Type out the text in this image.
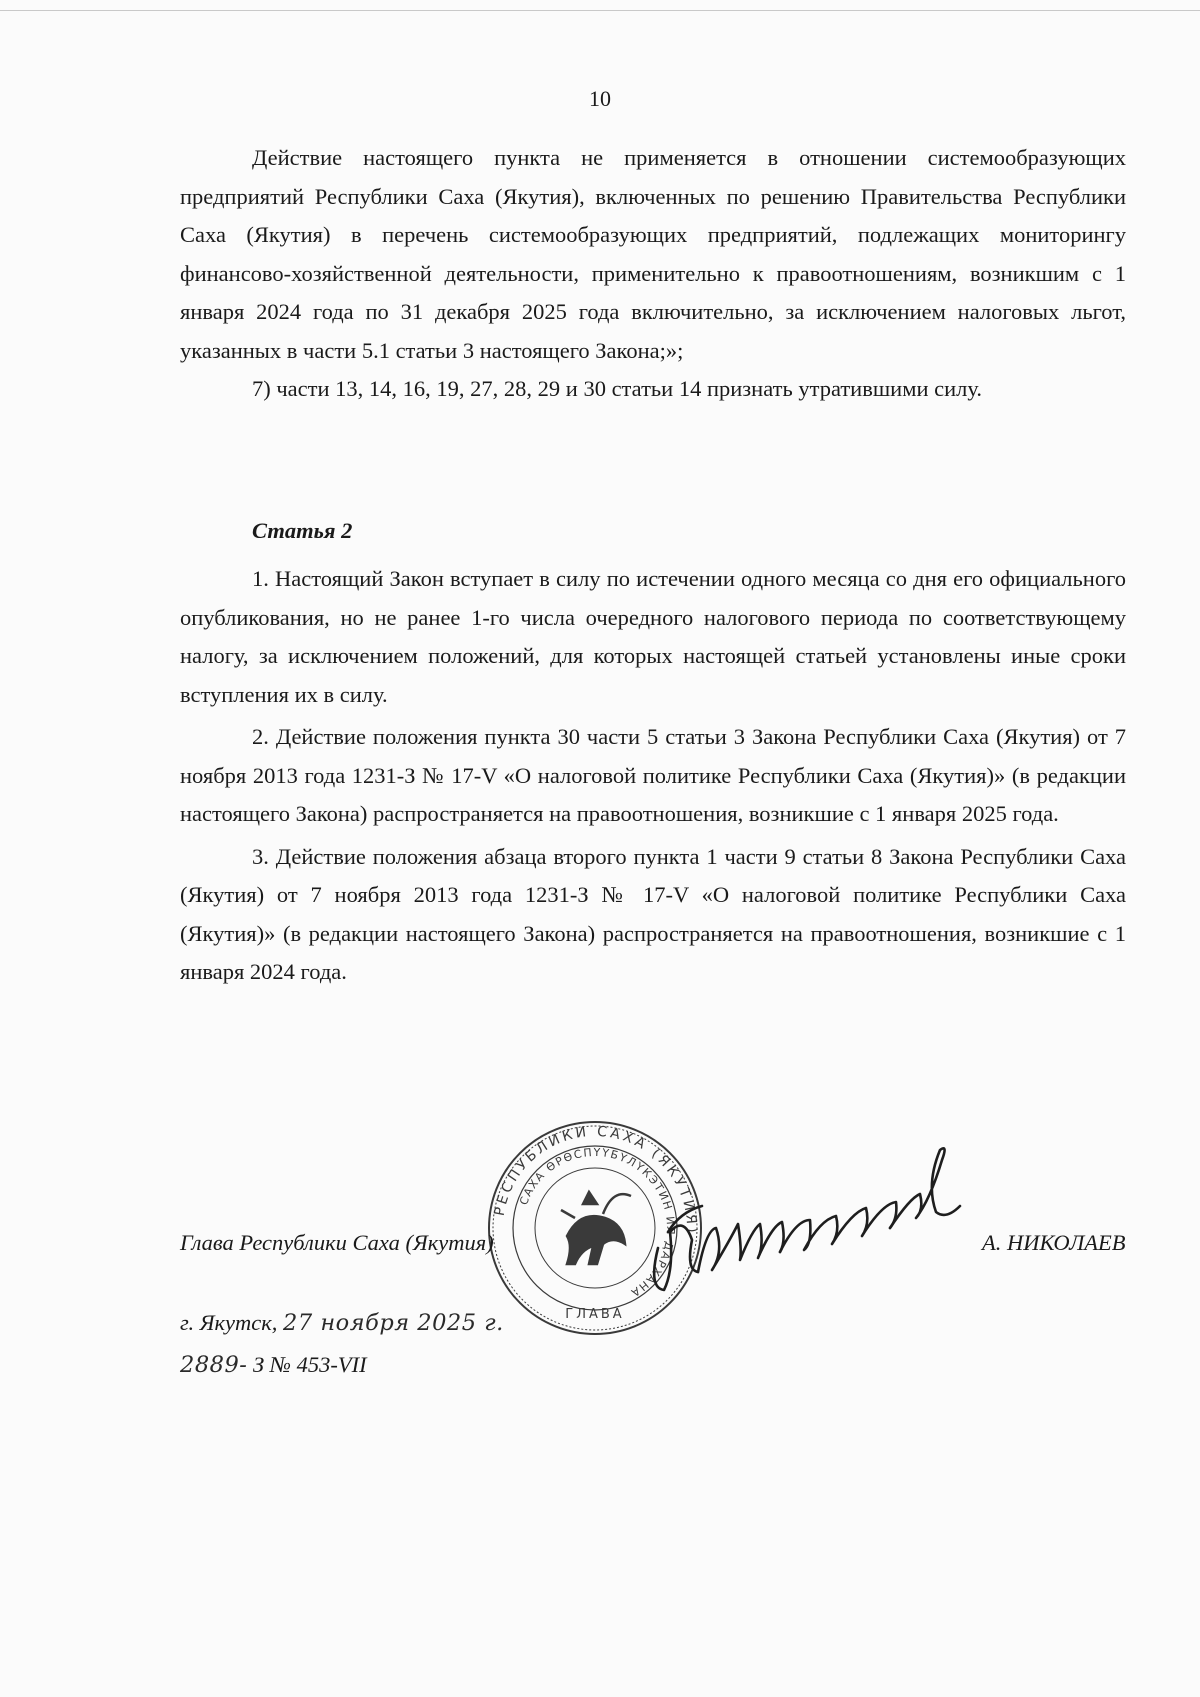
10

Действие настоящего пункта не применяется в отношении системообразующих предприятий Республики Саха (Якутия), включенных по решению Правительства Республики Саха (Якутия) в перечень системообразующих предприятий, подлежащих мониторингу финансово-хозяйственной деятельности, применительно к правоотношениям, возникшим с 1 января 2024 года по 31 декабря 2025 года включительно, за исключением налоговых льгот, указанных в части 5.1 статьи 3 настоящего Закона;»;

7) части 13, 14, 16, 19, 27, 28, 29 и 30 статьи 14 признать утратившими силу.

Статья 2

1. Настоящий Закон вступает в силу по истечении одного месяца со дня его официального опубликования, но не ранее 1-го числа очередного налогового периода по соответствующему налогу, за исключением положений, для которых настоящей статьей установлены иные сроки вступления их в силу.

2. Действие положения пункта 30 части 5 статьи 3 Закона Республики Саха (Якутия) от 7 ноября 2013 года 1231-З № 17-V «О налоговой политике Республики Саха (Якутия)» (в редакции настоящего Закона) распространяется на правоотношения, возникшие с 1 января 2025 года.

3. Действие положения абзаца второго пункта 1 части 9 статьи 8 Закона Республики Саха (Якутия) от 7 ноября 2013 года 1231-З № 17-V «О налоговой политике Республики Саха (Якутия)» (в редакции настоящего Закона) распространяется на правоотношения, возникшие с 1 января 2024 года.

РЕСПУБЛИКИ САХА (ЯКУТИЯ)
САХА ӨРӨСПҮҮБҮЛҮКЭТИН ИЛ ДАРХАНА
ГЛАВА
Глава Республики Саха (Якутия)	А. НИКОЛАЕВ
г. Якутск, 27 ноября 2025 г.
2889- З № 453-VII
